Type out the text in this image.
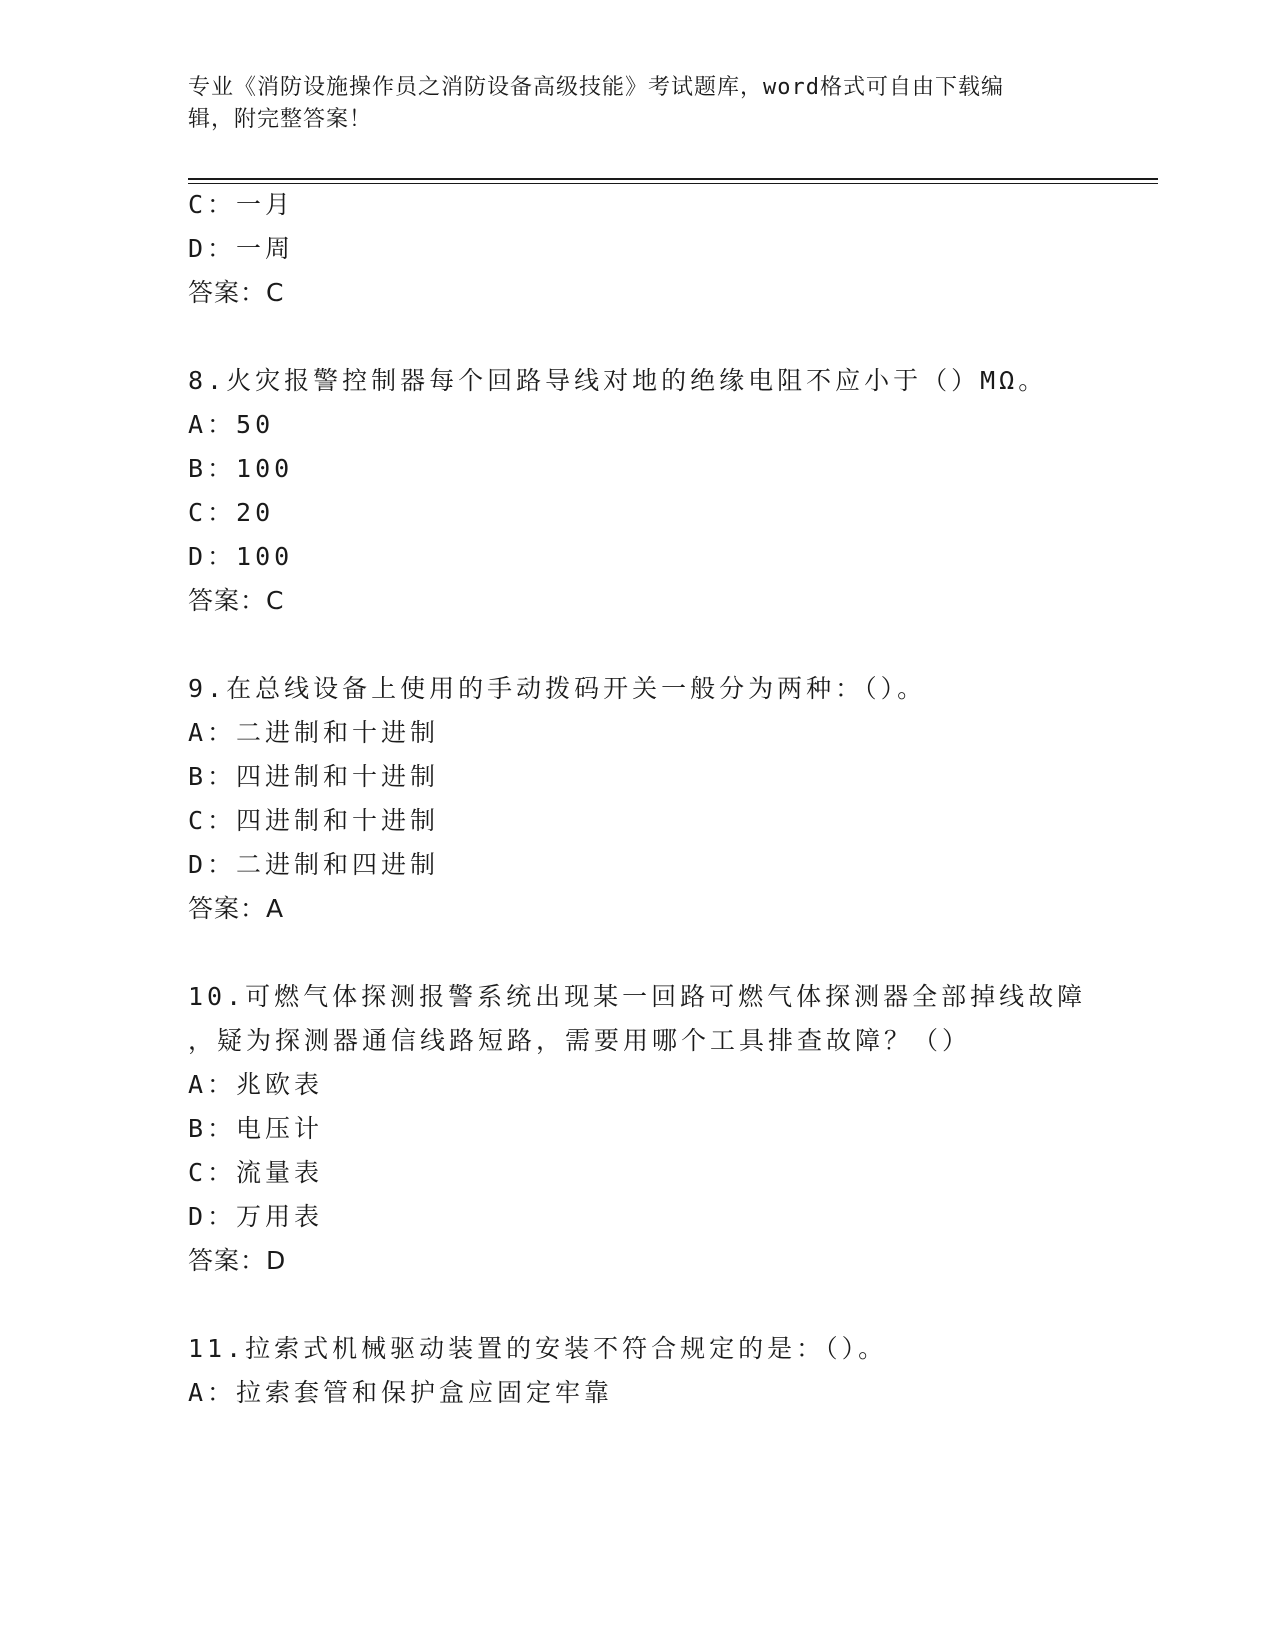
专业《消防设施操作员之消防设备高级技能》考试题库，word格式可自由下载编
辑，附完整答案！
C：一月
D：一周
答案：C
8.火灾报警控制器每个回路导线对地的绝缘电阻不应小于（）MΩ。
A：50
B：100
C：20
D：100
答案：C
9.在总线设备上使用的手动拨码开关一般分为两种：（）。
A：二进制和十进制
B：四进制和十进制
C：四进制和十进制
D：二进制和四进制
答案：A
10.可燃气体探测报警系统出现某一回路可燃气体探测器全部掉线故障
，疑为探测器通信线路短路，需要用哪个工具排查故障？（）
A：兆欧表
B：电压计
C：流量表
D：万用表
答案：D
11.拉索式机械驱动装置的安装不符合规定的是：（）。
A：拉索套管和保护盒应固定牢靠
